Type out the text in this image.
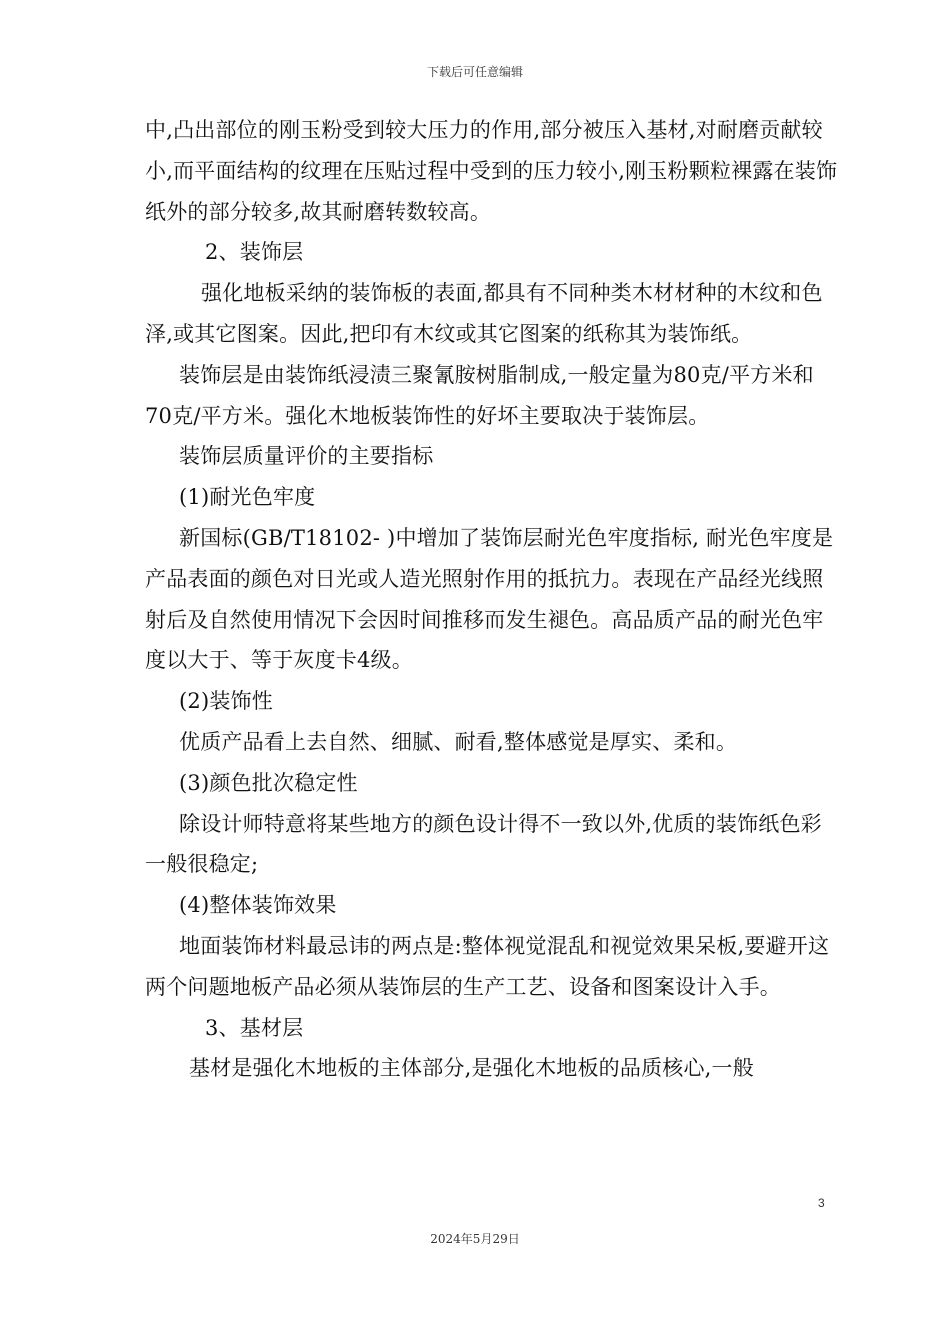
下载后可任意编辑

中,凸出部位的刚玉粉受到较大压力的作用,部分被压入基材,对耐磨贡献较小,而平面结构的纹理在压贴过程中受到的压力较小,刚玉粉颗粒裸露在装饰纸外的部分较多,故其耐磨转数较高。

2、装饰层

强化地板采纳的装饰板的表面,都具有不同种类木材材种的木纹和色泽,或其它图案。因此,把印有木纹或其它图案的纸称其为装饰纸。

装饰层是由装饰纸浸渍三聚氰胺树脂制成,一般定量为80克/平方米和70克/平方米。强化木地板装饰性的好坏主要取决于装饰层。

装饰层质量评价的主要指标

(1)耐光色牢度

新国标(GB/T18102- )中增加了装饰层耐光色牢度指标, 耐光色牢度是产品表面的颜色对日光或人造光照射作用的抵抗力。表现在产品经光线照射后及自然使用情况下会因时间推移而发生褪色。高品质产品的耐光色牢度以大于、等于灰度卡4级。

(2)装饰性

优质产品看上去自然、细腻、耐看,整体感觉是厚实、柔和。

(3)颜色批次稳定性

除设计师特意将某些地方的颜色设计得不一致以外,优质的装饰纸色彩一般很稳定;

(4)整体装饰效果

地面装饰材料最忌讳的两点是:整体视觉混乱和视觉效果呆板,要避开这两个问题地板产品必须从装饰层的生产工艺、设备和图案设计入手。

3、基材层

基材是强化木地板的主体部分,是强化木地板的品质核心,一般

3
2024年5月29日
